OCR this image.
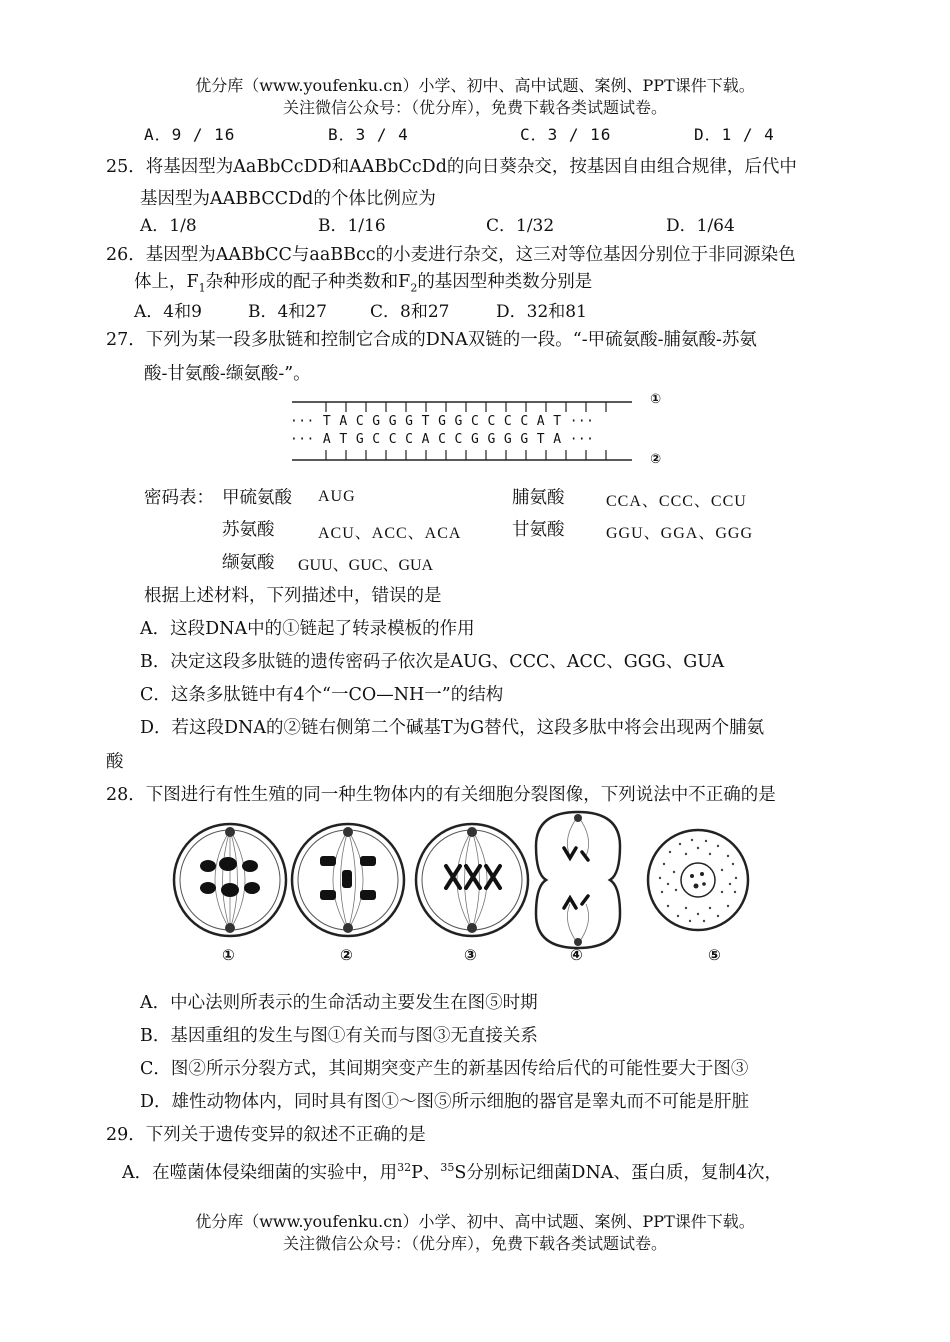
优分库（www.youfenku.cn）小学、初中、高中试题、案例、PPT课件下载。
关注微信公众号：（优分库），免费下载各类试题试卷。
A．9 / 16	B．3 / 4	C．3 / 16	D．1 / 4
25．将基因型为AaBbCcDD和AABbCcDd的向日葵杂交，按基因自由组合规律，后代中
基因型为AABBCCDd的个体比例应为
A．1/8	B．1/16	C．1/32	D．1/64
26．基因型为AABbCC与aaBBcc的小麦进行杂交，这三对等位基因分别位于非同源染色
体上，$F_1$杂种形成的配子种类数和$F_2$的基因型种类数分别是
A．4和9	B．4和27	C．8和27	D．32和81
27．下列为某一段多肽链和控制它合成的DNA双链的一段。“-甲硫氨酸-脯氨酸-苏氨
酸-甘氨酸-缬氨酸-”。
··· T A C G G G T G G C C C C A T ···
··· A T G C C C A C C G G G G T A ···
①
②
密码表： 甲硫氨酸 AUG	脯氨酸	CCA、CCC、CCU
苏氨酸	ACU、ACC、ACA	甘氨酸	GGU、GGA、GGG
缬氨酸 GUU、GUC、GUA
根据上述材料，下列描述中，错误的是
A．这段DNA中的①链起了转录模板的作用
B．决定这段多肽链的遗传密码子依次是AUG、CCC、ACC、GGG、GUA
C．这条多肽链中有4个“一CO—NH一”的结构
D．若这段DNA的②链右侧第二个碱基T为G替代，这段多肽中将会出现两个脯氨
酸
28．下图进行有性生殖的同一种生物体内的有关细胞分裂图像，下列说法中不正确的是
①	②	③	④	⑤
A．中心法则所表示的生命活动主要发生在图⑤时期
B．基因重组的发生与图①有关而与图③无直接关系
C．图②所示分裂方式，其间期突变产生的新基因传给后代的可能性要大于图③
D．雄性动物体内，同时具有图①～图⑤所示细胞的器官是睾丸而不可能是肝脏
29．下列关于遗传变异的叙述不正确的是
A．在噬菌体侵染细菌的实验中，用$^{32}$P、$^{35}$S分别标记细菌DNA、蛋白质，复制4次，
优分库（www.youfenku.cn）小学、初中、高中试题、案例、PPT课件下载。
关注微信公众号：（优分库），免费下载各类试题试卷。
